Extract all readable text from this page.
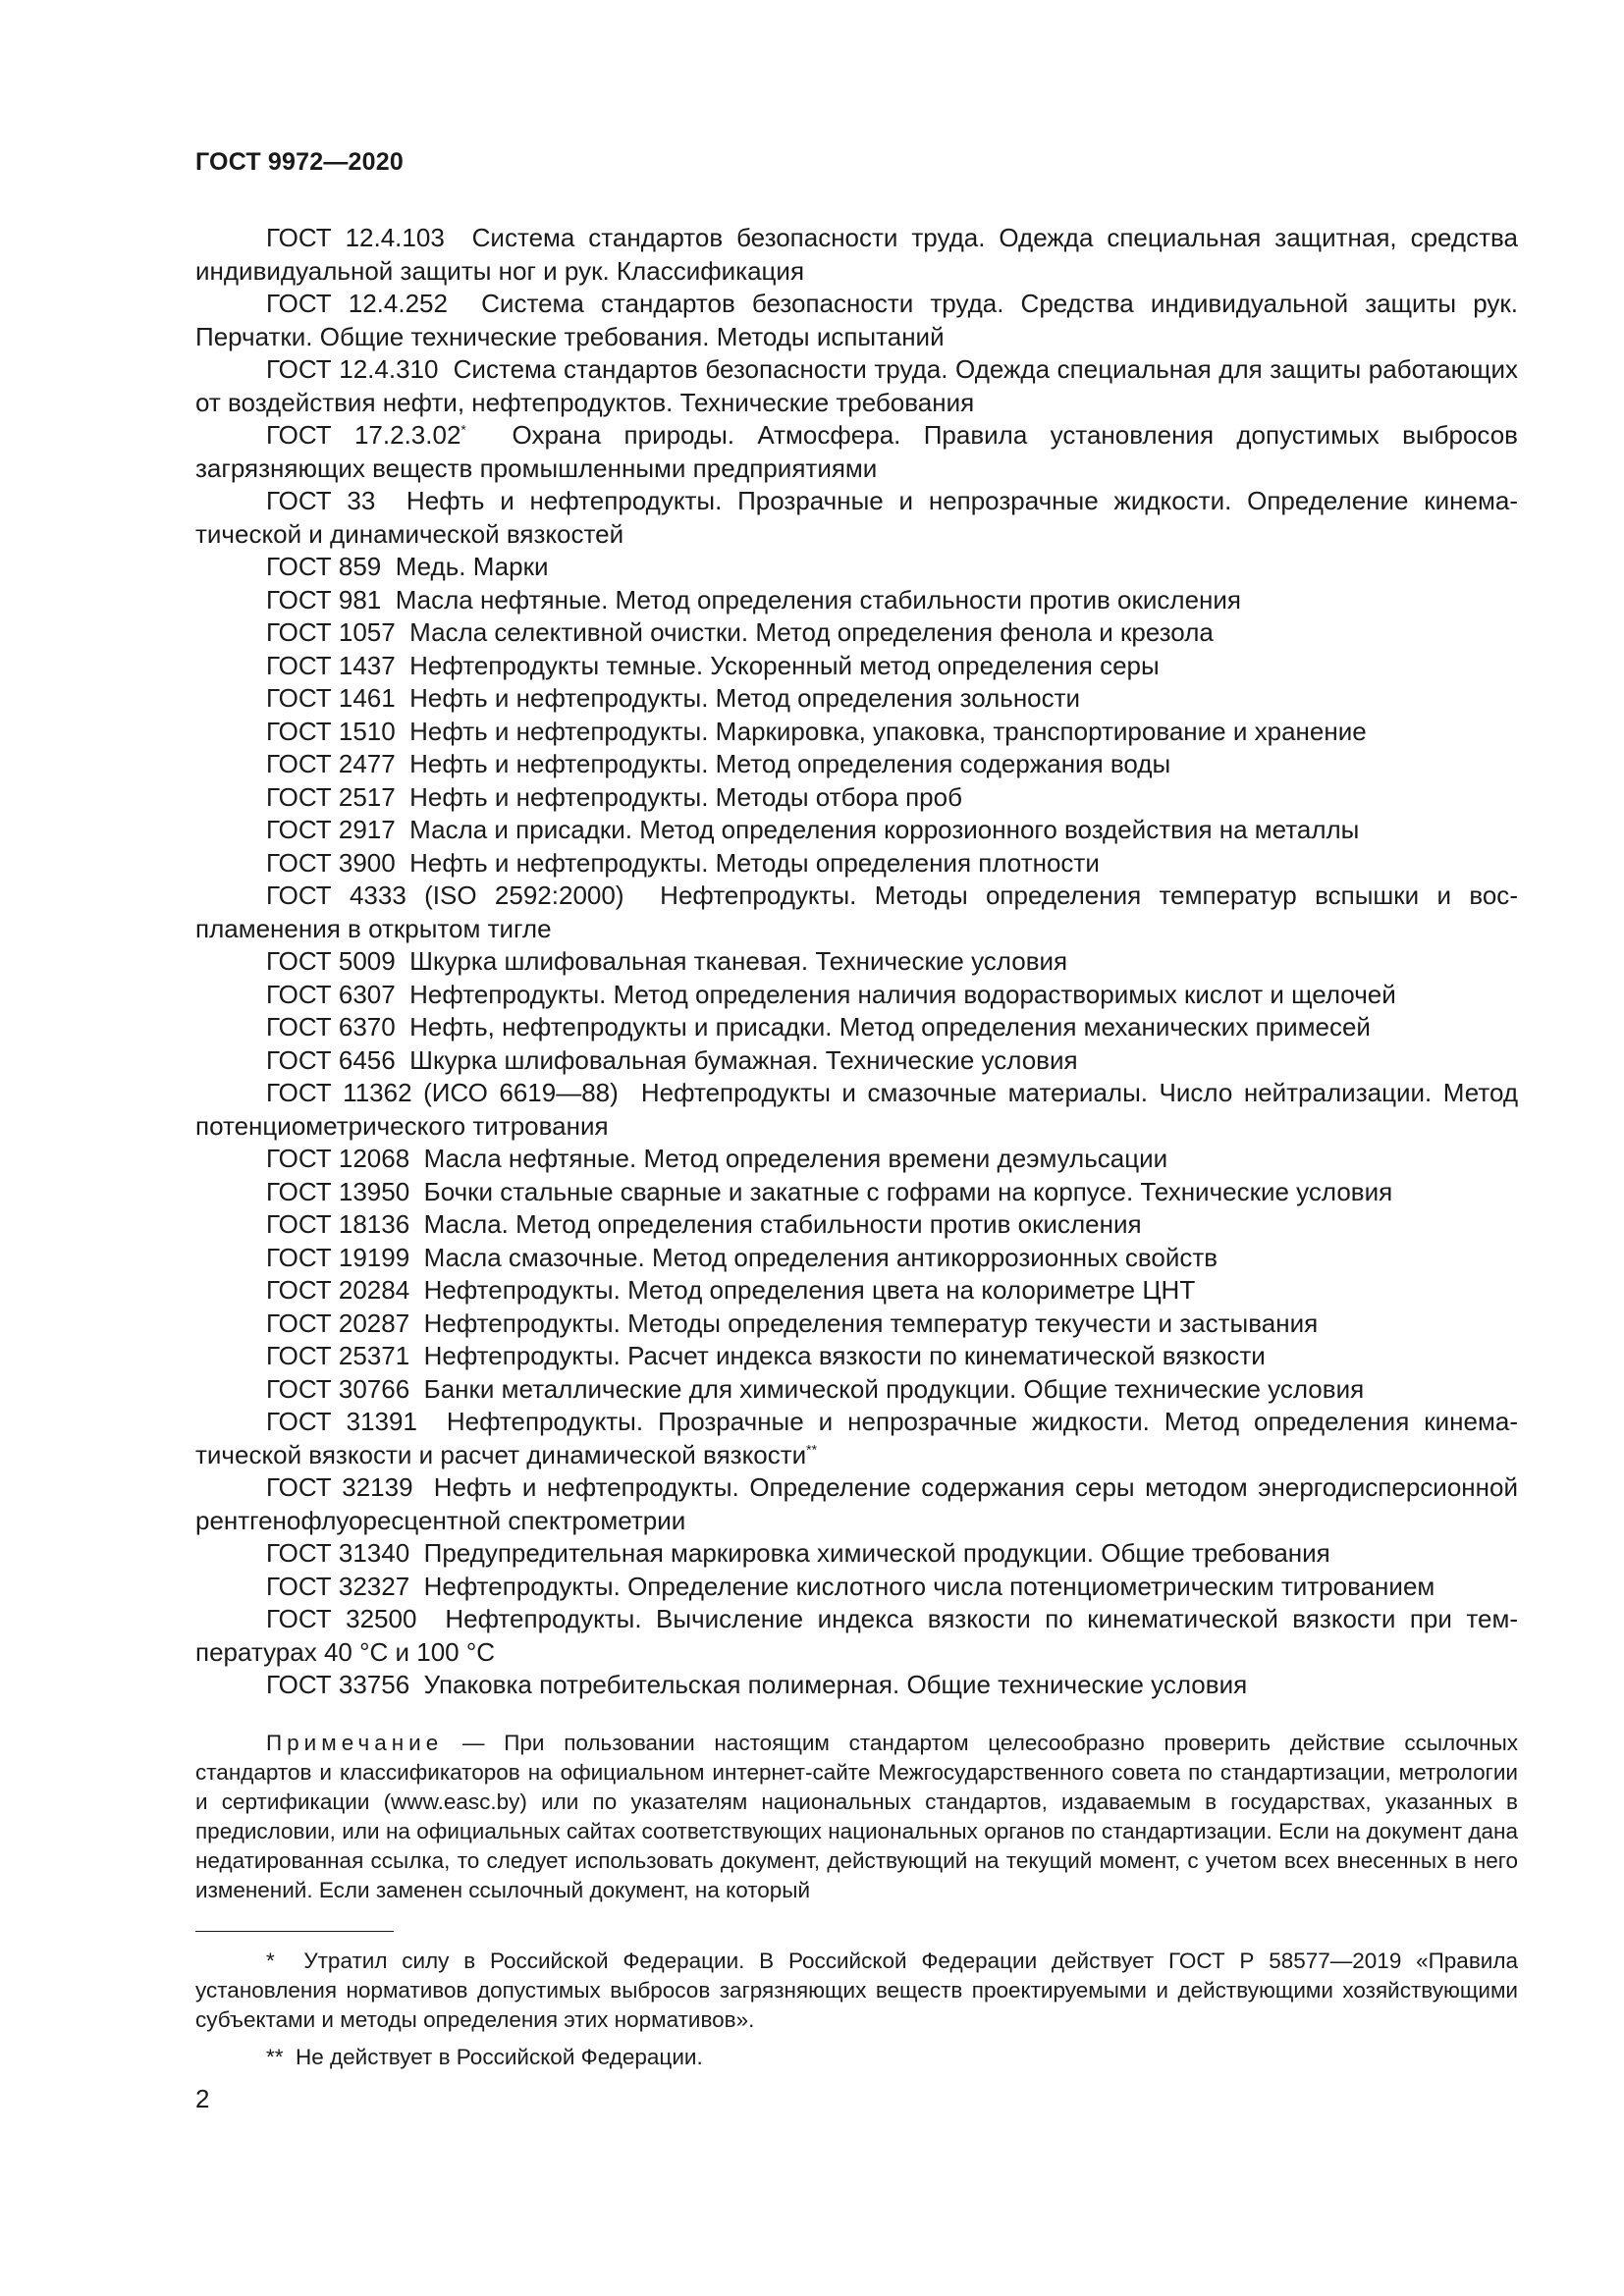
ГОСТ 9972—2020

ГОСТ 12.4.103 Система стандартов безопасности труда. Одежда специальная защитная, средства индивидуальной защиты ног и рук. Классификация

ГОСТ 12.4.252 Система стандартов безопасности труда. Средства индивидуальной защиты рук. Перчатки. Общие технические требования. Методы испытаний

ГОСТ 12.4.310 Система стандартов безопасности труда. Одежда специальная для защиты работающих от воздействия нефти, нефтепродуктов. Технические требования

ГОСТ 17.2.3.02* Охрана природы. Атмосфера. Правила установления допустимых выбросов загрязняющих веществ промышленными предприятиями

ГОСТ 33 Нефть и нефтепродукты. Прозрачные и непрозрачные жидкости. Определение кинематической и динамической вязкостей

ГОСТ 859 Медь. Марки

ГОСТ 981 Масла нефтяные. Метод определения стабильности против окисления

ГОСТ 1057 Масла селективной очистки. Метод определения фенола и крезола

ГОСТ 1437 Нефтепродукты темные. Ускоренный метод определения серы

ГОСТ 1461 Нефть и нефтепродукты. Метод определения зольности

ГОСТ 1510 Нефть и нефтепродукты. Маркировка, упаковка, транспортирование и хранение

ГОСТ 2477 Нефть и нефтепродукты. Метод определения содержания воды

ГОСТ 2517 Нефть и нефтепродукты. Методы отбора проб

ГОСТ 2917 Масла и присадки. Метод определения коррозионного воздействия на металлы

ГОСТ 3900 Нефть и нефтепродукты. Методы определения плотности

ГОСТ 4333 (ISO 2592:2000) Нефтепродукты. Методы определения температур вспышки и воспламенения в открытом тигле

ГОСТ 5009 Шкурка шлифовальная тканевая. Технические условия

ГОСТ 6307 Нефтепродукты. Метод определения наличия водорастворимых кислот и щелочей

ГОСТ 6370 Нефть, нефтепродукты и присадки. Метод определения механических примесей

ГОСТ 6456 Шкурка шлифовальная бумажная. Технические условия

ГОСТ 11362 (ИСО 6619—88) Нефтепродукты и смазочные материалы. Число нейтрализации. Метод потенциометрического титрования

ГОСТ 12068 Масла нефтяные. Метод определения времени деэмульсации

ГОСТ 13950 Бочки стальные сварные и закатные с гофрами на корпусе. Технические условия

ГОСТ 18136 Масла. Метод определения стабильности против окисления

ГОСТ 19199 Масла смазочные. Метод определения антикоррозионных свойств

ГОСТ 20284 Нефтепродукты. Метод определения цвета на колориметре ЦНТ

ГОСТ 20287 Нефтепродукты. Методы определения температур текучести и застывания

ГОСТ 25371 Нефтепродукты. Расчет индекса вязкости по кинематической вязкости

ГОСТ 30766 Банки металлические для химической продукции. Общие технические условия

ГОСТ 31391 Нефтепродукты. Прозрачные и непрозрачные жидкости. Метод определения кинематической вязкости и расчет динамической вязкости**

ГОСТ 32139 Нефть и нефтепродукты. Определение содержания серы методом энергодисперсионной рентгенофлуоресцентной спектрометрии

ГОСТ 31340 Предупредительная маркировка химической продукции. Общие требования

ГОСТ 32327 Нефтепродукты. Определение кислотного числа потенциометрическим титрованием

ГОСТ 32500 Нефтепродукты. Вычисление индекса вязкости по кинематической вязкости при температурах 40 °C и 100 °C

ГОСТ 33756 Упаковка потребительская полимерная. Общие технические условия

Примечание — При пользовании настоящим стандартом целесообразно проверить действие ссылочных стандартов и классификаторов на официальном интернет-сайте Межгосударственного совета по стандартизации, метрологии и сертификации (www.easc.by) или по указателям национальных стандартов, издаваемым в государствах, указанных в предисловии, или на официальных сайтах соответствующих национальных органов по стандартизации. Если на документ дана недатированная ссылка, то следует использовать документ, действующий на текущий момент, с учетом всех внесенных в него изменений. Если заменен ссылочный документ, на который

* Утратил силу в Российской Федерации. В Российской Федерации действует ГОСТ Р 58577—2019 «Правила установления нормативов допустимых выбросов загрязняющих веществ проектируемыми и действующими хозяйствующими субъектами и методы определения этих нормативов».

** Не действует в Российской Федерации.

2
